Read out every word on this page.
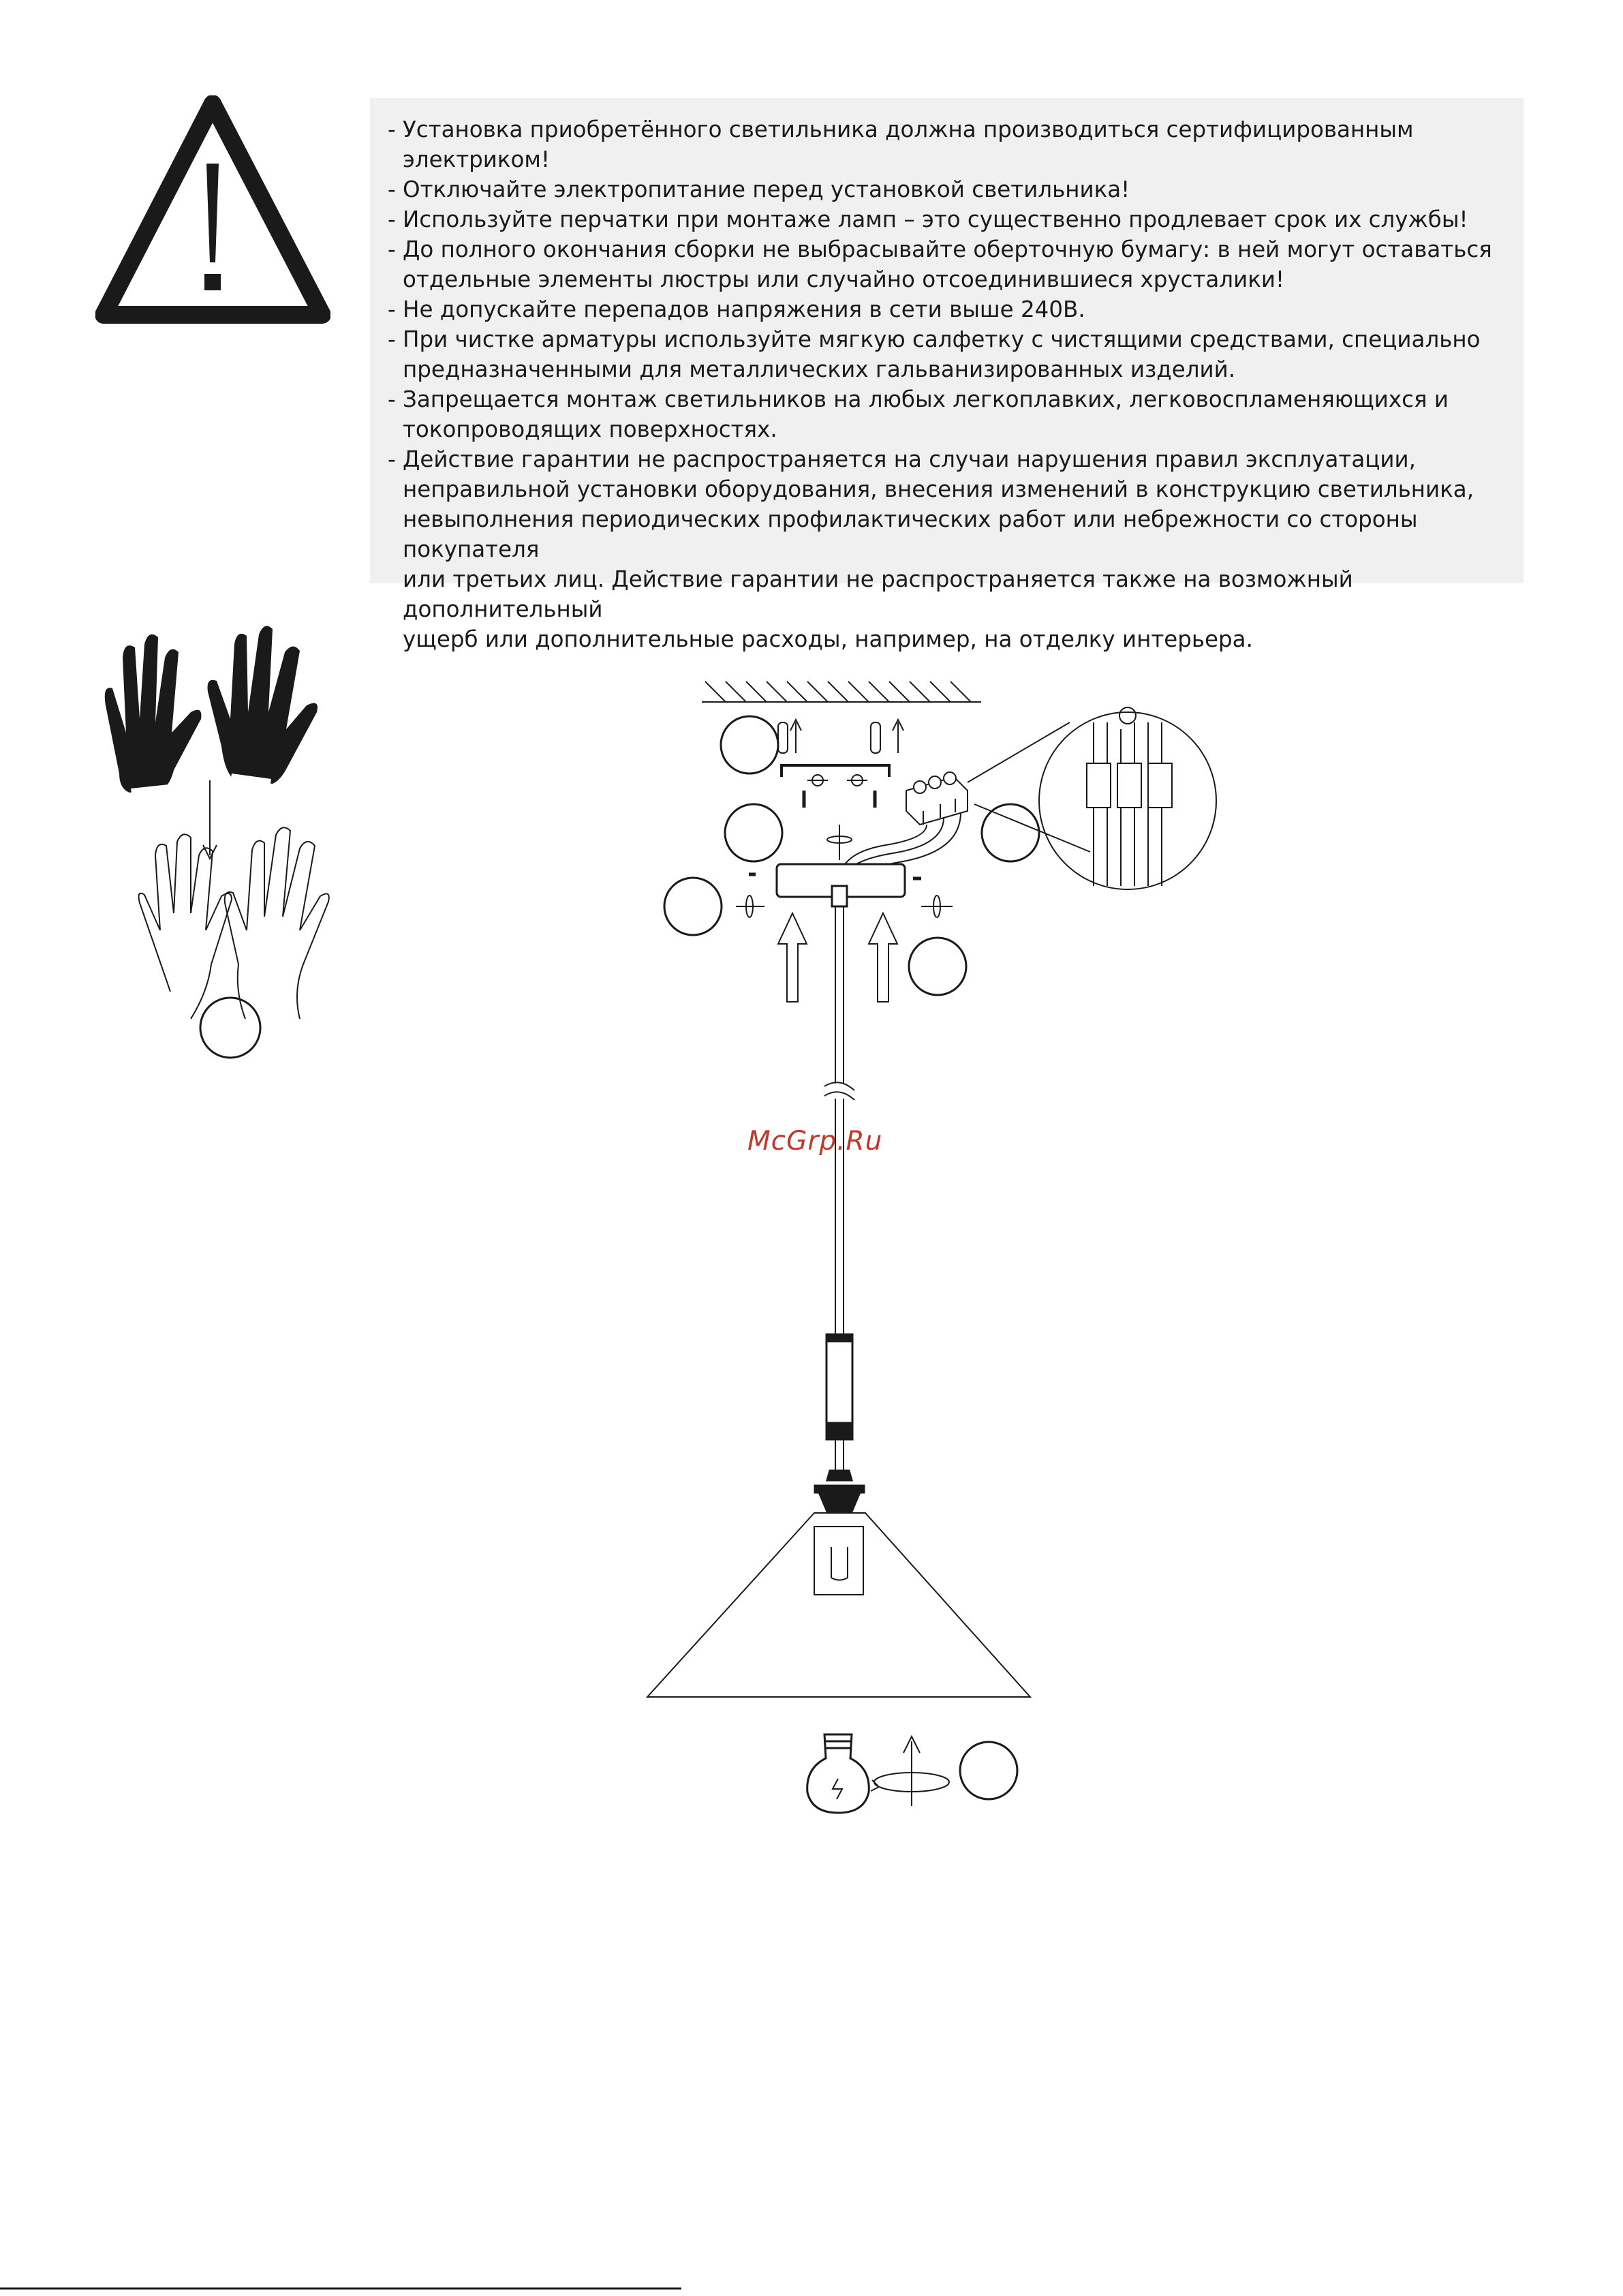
- Установка приобретённого светильника должна производиться сертифицированным электриком!
- Отключайте электропитание перед установкой светильника!
- Используйте перчатки при монтаже ламп – это существенно продлевает срок их службы!
- До полного окончания сборки не выбрасывайте оберточную бумагу: в ней могут оставаться
отдельные элементы люстры или случайно отсоединившиеся хрусталики!
- Не допускайте перепадов напряжения в сети выше 240В.
- При чистке арматуры используйте мягкую салфетку с чистящими средствами, специально
предназначенными для металлических гальванизированных изделий.
- Запрещается монтаж светильников на любых легкоплавких, легковоспламеняющихся и
токопроводящих поверхностях.
- Действие гарантии не распространяется на случаи нарушения правил эксплуатации,
неправильной установки оборудования, внесения изменений в конструкцию светильника,
невыполнения периодических профилактических работ или небрежности со стороны покупателя
или третьих лиц. Действие гарантии не распространяется также на возможный дополнительный
ущерб или дополнительные расходы, например, на отделку интерьера.
McGrp.Ru
